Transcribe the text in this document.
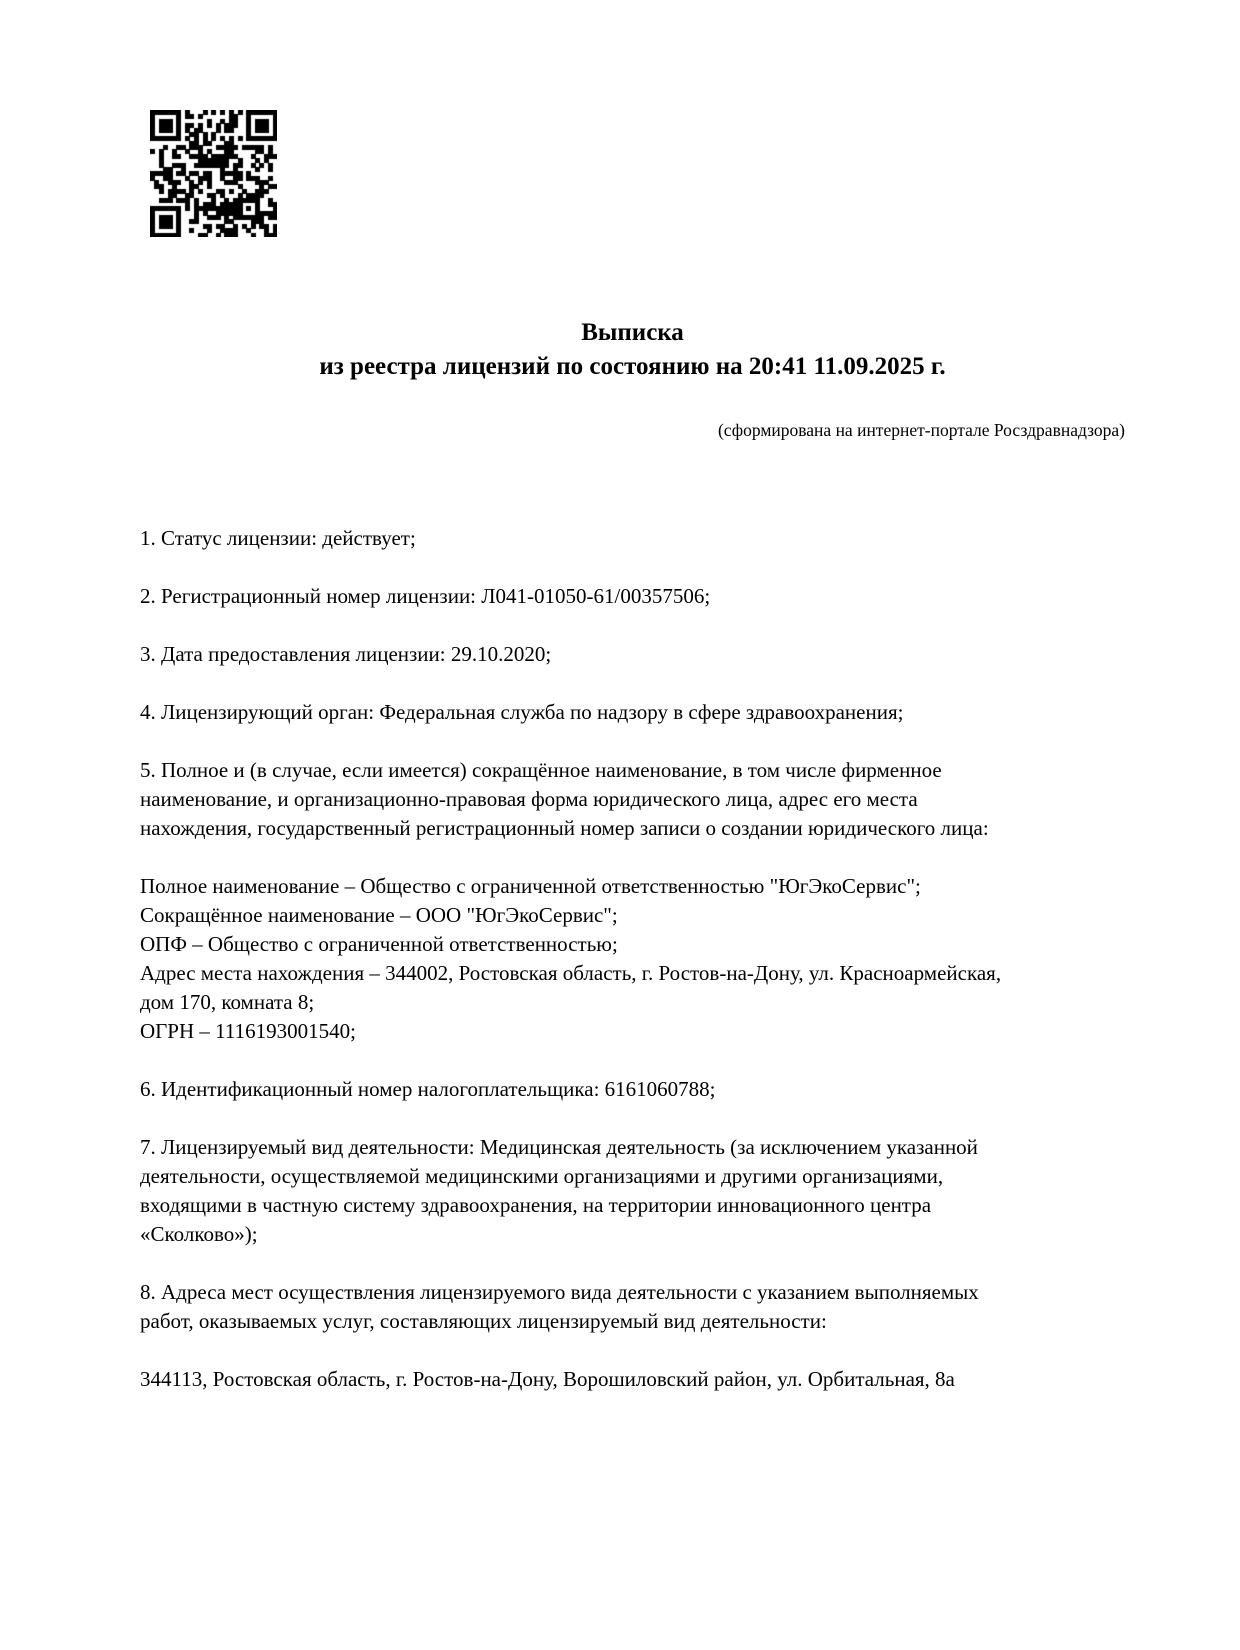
Выписка
из реестра лицензий по состоянию на 20:41 11.09.2025 г.
(сформирована на интернет-портале Росздравнадзора)

1. Статус лицензии: действует;

2. Регистрационный номер лицензии: Л041-01050-61/00357506;

3. Дата предоставления лицензии: 29.10.2020;

4. Лицензирующий орган: Федеральная служба по надзору в сфере здравоохранения;

5. Полное и (в случае, если имеется) сокращённое наименование, в том числе фирменное
наименование, и организационно-правовая форма юридического лица, адрес его места
нахождения, государственный регистрационный номер записи о создании юридического лица:

Полное наименование – Общество с ограниченной ответственностью "ЮгЭкоСервис";
Сокращённое наименование – ООО "ЮгЭкоСервис";
ОПФ – Общество с ограниченной ответственностью;
Адрес места нахождения – 344002, Ростовская область, г. Ростов-на-Дону, ул. Красноармейская,
дом 170, комната 8;
ОГРН – 1116193001540;

6. Идентификационный номер налогоплательщика: 6161060788;

7. Лицензируемый вид деятельности: Медицинская деятельность (за исключением указанной
деятельности, осуществляемой медицинскими организациями и другими организациями,
входящими в частную систему здравоохранения, на территории инновационного центра
«Сколково»);

8. Адреса мест осуществления лицензируемого вида деятельности с указанием выполняемых
работ, оказываемых услуг, составляющих лицензируемый вид деятельности:

344113, Ростовская область, г. Ростов-на-Дону, Ворошиловский район, ул. Орбитальная, 8а
